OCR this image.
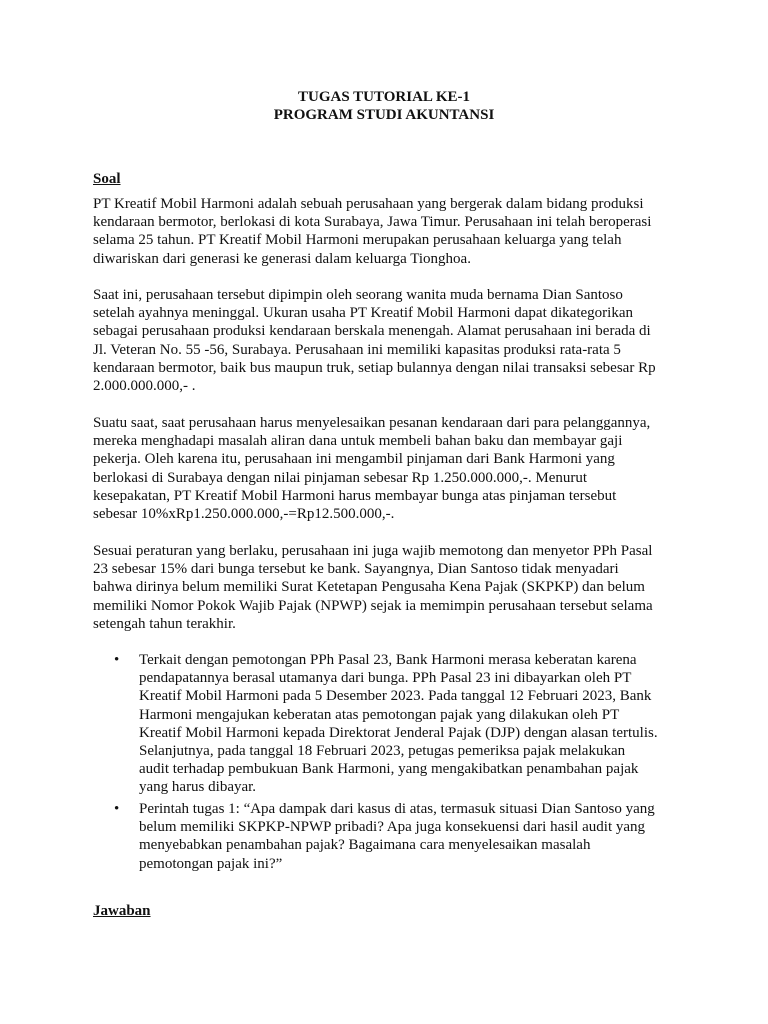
TUGAS TUTORIAL KE-1
PROGRAM STUDI AKUNTANSI
Soal
PT Kreatif Mobil Harmoni adalah sebuah perusahaan yang bergerak dalam bidang produksi
kendaraan bermotor, berlokasi di kota Surabaya, Jawa Timur. Perusahaan ini telah beroperasi
selama 25 tahun. PT Kreatif Mobil Harmoni merupakan perusahaan keluarga yang telah
diwariskan dari generasi ke generasi dalam keluarga Tionghoa.
Saat ini, perusahaan tersebut dipimpin oleh seorang wanita muda bernama Dian Santoso
setelah ayahnya meninggal. Ukuran usaha PT Kreatif Mobil Harmoni dapat dikategorikan
sebagai perusahaan produksi kendaraan berskala menengah. Alamat perusahaan ini berada di
Jl. Veteran No. 55 -56, Surabaya. Perusahaan ini memiliki kapasitas produksi rata-rata 5
kendaraan bermotor, baik bus maupun truk, setiap bulannya dengan nilai transaksi sebesar Rp
2.000.000.000,- .
Suatu saat, saat perusahaan harus menyelesaikan pesanan kendaraan dari para pelanggannya,
mereka menghadapi masalah aliran dana untuk membeli bahan baku dan membayar gaji
pekerja. Oleh karena itu, perusahaan ini mengambil pinjaman dari Bank Harmoni yang
berlokasi di Surabaya dengan nilai pinjaman sebesar Rp 1.250.000.000,-. Menurut
kesepakatan, PT Kreatif Mobil Harmoni harus membayar bunga atas pinjaman tersebut
sebesar 10%xRp1.250.000.000,-=Rp12.500.000,-.
Sesuai peraturan yang berlaku, perusahaan ini juga wajib memotong dan menyetor PPh Pasal
23 sebesar 15% dari bunga tersebut ke bank. Sayangnya, Dian Santoso tidak menyadari
bahwa dirinya belum memiliki Surat Ketetapan Pengusaha Kena Pajak (SKPKP) dan belum
memiliki Nomor Pokok Wajib Pajak (NPWP) sejak ia memimpin perusahaan tersebut selama
setengah tahun terakhir.
• Terkait dengan pemotongan PPh Pasal 23, Bank Harmoni merasa keberatan karena
pendapatannya berasal utamanya dari bunga. PPh Pasal 23 ini dibayarkan oleh PT
Kreatif Mobil Harmoni pada 5 Desember 2023. Pada tanggal 12 Februari 2023, Bank
Harmoni mengajukan keberatan atas pemotongan pajak yang dilakukan oleh PT
Kreatif Mobil Harmoni kepada Direktorat Jenderal Pajak (DJP) dengan alasan tertulis.
Selanjutnya, pada tanggal 18 Februari 2023, petugas pemeriksa pajak melakukan
audit terhadap pembukuan Bank Harmoni, yang mengakibatkan penambahan pajak
yang harus dibayar.
• Perintah tugas 1: “Apa dampak dari kasus di atas, termasuk situasi Dian Santoso yang
belum memiliki SKPKP-NPWP pribadi? Apa juga konsekuensi dari hasil audit yang
menyebabkan penambahan pajak? Bagaimana cara menyelesaikan masalah
pemotongan pajak ini?”
Jawaban
